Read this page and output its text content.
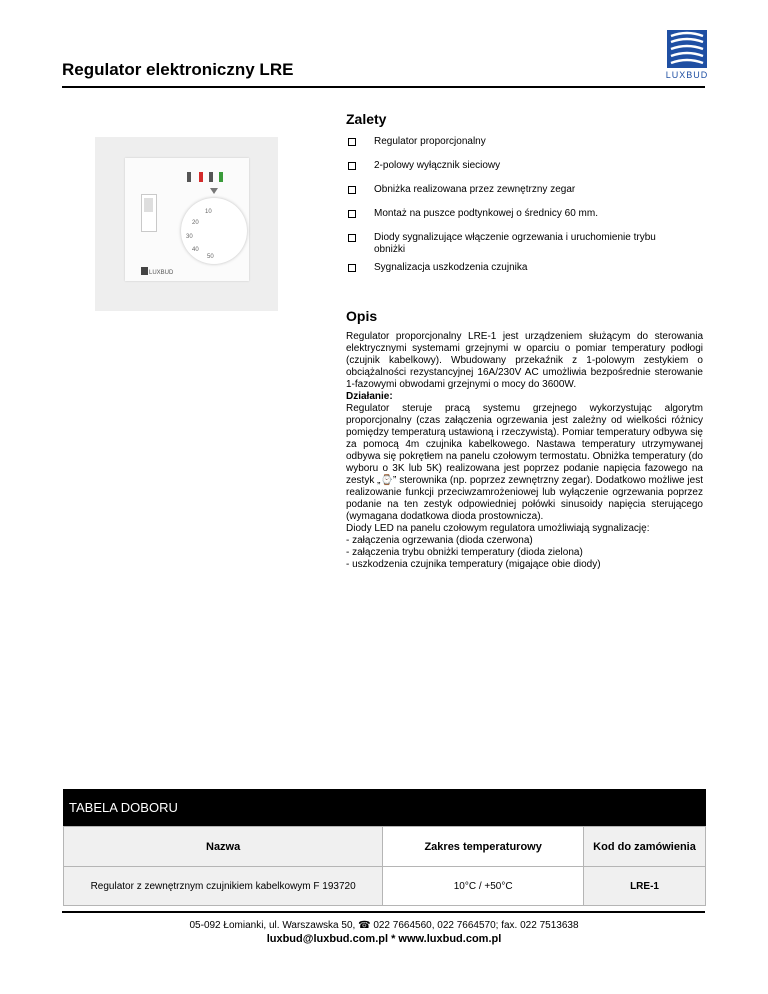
Regulator elektroniczny LRE	LUXBUD
10
20
30
40
50
LUXBUD
Zalety
Regulator proporcjonalny
2-polowy wyłącznik sieciowy
Obniżka realizowana przez zewnętrzny zegar
Montaż na puszce podtynkowej o średnicy 60 mm.
Diody sygnalizujące włączenie ogrzewania i uruchomienie trybu obniżki
Sygnalizacja uszkodzenia czujnika
Opis

Regulator proporcjonalny LRE-1 jest urządzeniem służącym do sterowania elektrycznymi systemami grzejnymi w oparciu o pomiar temperatury podłogi (czujnik kabelkowy). Wbudowany przekaźnik z 1-polowym zestykiem o obciążalności rezystancyjnej 16A/230V AC umożliwia bezpośrednie sterowanie 1-fazowymi obwodami grzejnymi o mocy do 3600W.

Działanie:

Regulator steruje pracą systemu grzejnego wykorzystując algorytm proporcjonalny (czas załączenia ogrzewania jest zależny od wielkości różnicy pomiędzy temperaturą ustawioną i rzeczywistą). Pomiar temperatury odbywa się za pomocą 4m czujnika kabelkowego. Nastawa temperatury utrzymywanej odbywa się pokrętłem na panelu czołowym termostatu. Obniżka temperatury (do wyboru o 3K lub 5K) realizowana jest poprzez podanie napięcia fazowego na zestyk „⌚” sterownika (np. poprzez zewnętrzny zegar). Dodatkowo możliwe jest realizowanie funkcji przeciwzamrożeniowej lub wyłączenie ogrzewania poprzez podanie na ten zestyk odpowiedniej połówki sinusoidy napięcia sterującego (wymagana dodatkowa dioda prostownicza).

Diody LED na panelu czołowym regulatora umożliwiają sygnalizację:

- załączenia ogrzewania (dioda czerwona)

- załączenia trybu obniżki temperatury (dioda zielona)

- uszkodzenia czujnika temperatury (migające obie diody)

TABELA DOBORU
Nazwa	Zakres temperaturowy	Kod do zamówienia
Regulator z zewnętrznym czujnikiem kabelkowym F 193720	10°C / +50°C	LRE-1
05-092 Łomianki, ul. Warszawska 50, ☎ 022 7664560, 022 7664570; fax. 022 7513638
luxbud@luxbud.com.pl * www.luxbud.com.pl
